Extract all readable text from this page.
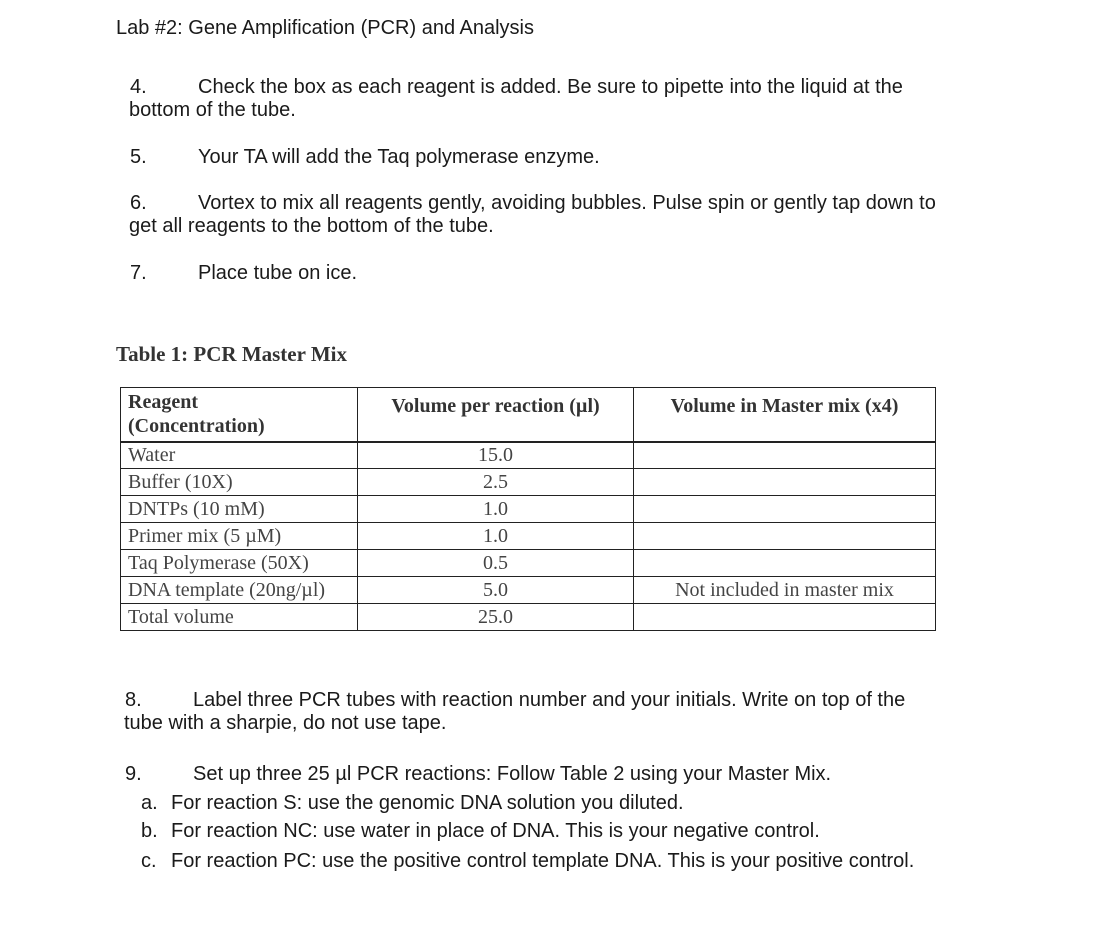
Lab #2: Gene Amplification (PCR) and Analysis
4.	Check the box as each reagent is added. Be sure to pipette into the liquid at the
bottom of the tube.
5.	Your TA will add the Taq polymerase enzyme.
6.	Vortex to mix all reagents gently, avoiding bubbles. Pulse spin or gently tap down to
get all reagents to the bottom of the tube.
7.	Place tube on ice.
Table 1: PCR Master Mix
Reagent
(Concentration)	Volume per reaction (µl)	Volume in Master mix (x4)
Water	15.0	
Buffer (10X)	2.5	
DNTPs (10 mM)	1.0	
Primer mix (5 µM)	1.0	
Taq Polymerase (50X)	0.5	
DNA template (20ng/µl)	5.0	Not included in master mix
Total volume	25.0	
8.	Label three PCR tubes with reaction number and your initials. Write on top of the
tube with a sharpie, do not use tape.
9.	Set up three 25 µl PCR reactions: Follow Table 2 using your Master Mix.
a. For reaction S: use the genomic DNA solution you diluted.
b. For reaction NC: use water in place of DNA. This is your negative control.
c. For reaction PC: use the positive control template DNA. This is your positive control.
